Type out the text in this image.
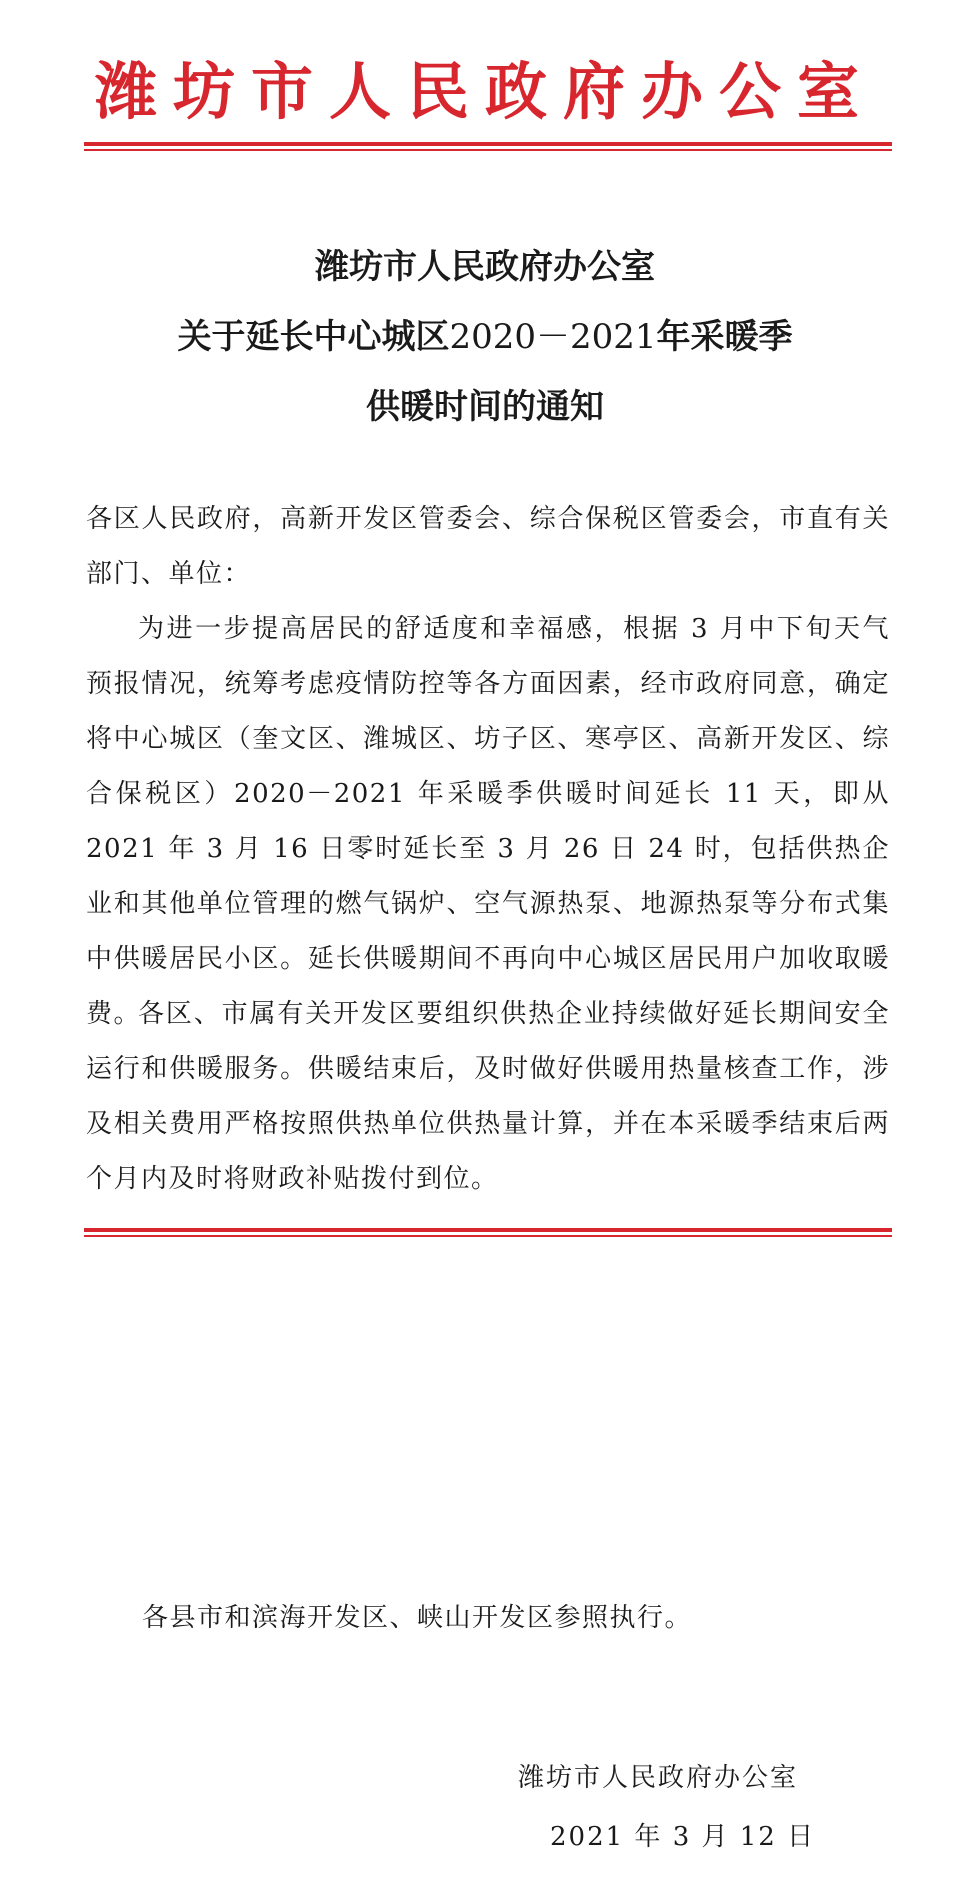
潍坊市人民政府办公室
潍坊市人民政府办公室
关于延长中心城区2020－2021年采暖季
供暖时间的通知
各区人民政府，高新开发区管委会、综合保税区管委会，市直有关部门、单位：
为进一步提高居民的舒适度和幸福感，根据 3 月中下旬天气预报情况，统筹考虑疫情防控等各方面因素，经市政府同意，确定将中心城区（奎文区、潍城区、坊子区、寒亭区、高新开发区、综合保税区）2020－2021 年采暖季供暖时间延长 11 天，即从 2021 年 3 月 16 日零时延长至 3 月 26 日 24 时，包括供热企业和其他单位管理的燃气锅炉、空气源热泵、地源热泵等分布式集中供暖居民小区。延长供暖期间不再向中心城区居民用户加收取暖费。
各区、市属有关开发区要组织供热企业持续做好延长期间安全运行和供暖服务。供暖结束后，及时做好供暖用热量核查工作，涉及相关费用严格按照供热单位供热量计算，并在本采暖季结束后两个月内及时将财政补贴拨付到位。
各县市和滨海开发区、峡山开发区参照执行。
潍坊市人民政府办公室
2021 年 3 月 12 日
